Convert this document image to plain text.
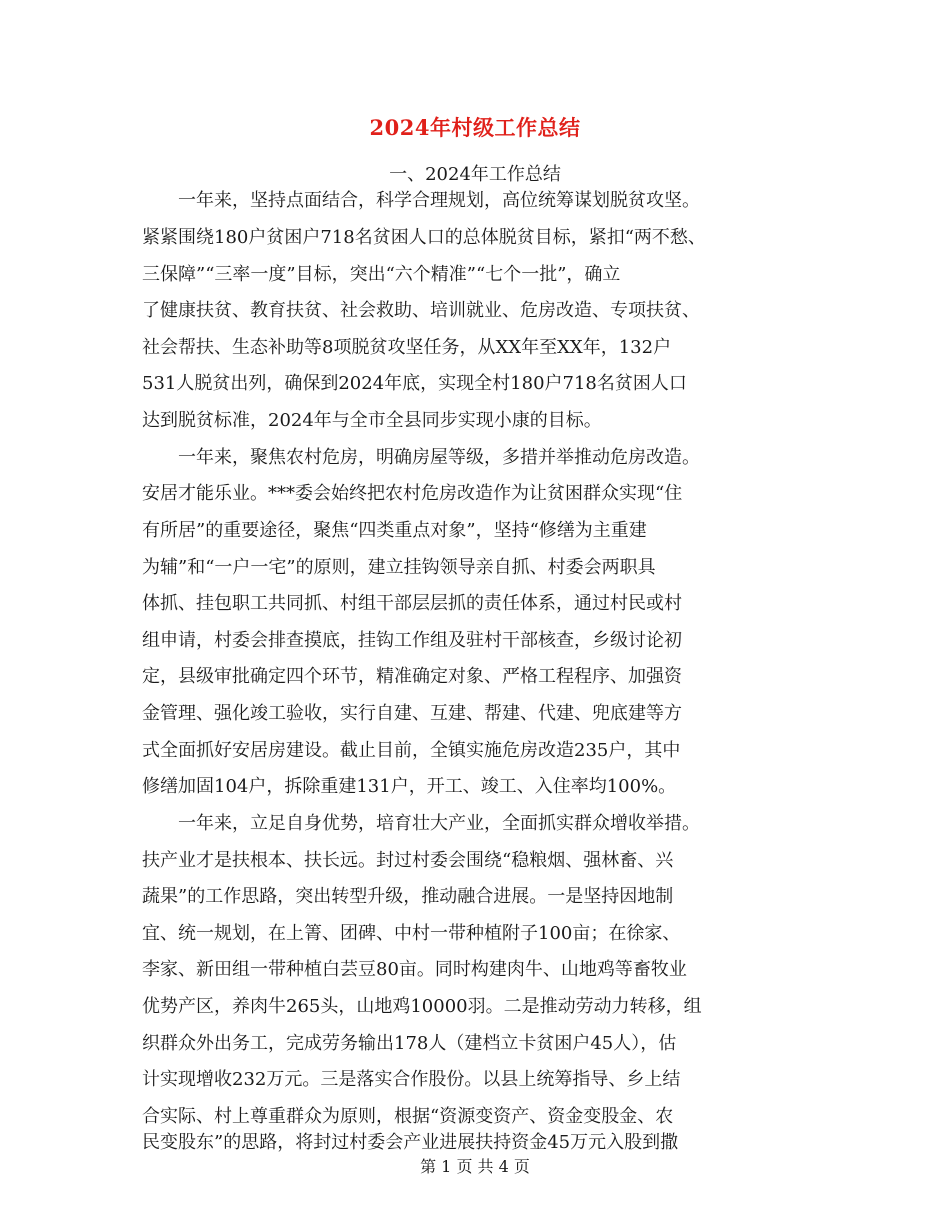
2024年村级工作总结
一、2024年工作总结
　　一年来，坚持点面结合，科学合理规划，高位统筹谋划脱贫攻坚。
紧紧围绕180户贫困户718名贫困人口的总体脱贫目标，紧扣“两不愁、
三保障”“三率一度”目标，突出“六个精准”“七个一批”，确立
了健康扶贫、教育扶贫、社会救助、培训就业、危房改造、专项扶贫、
社会帮扶、生态补助等8项脱贫攻坚任务，从XX年至XX年，132户
531人脱贫出列，确保到2024年底，实现全村180户718名贫困人口
达到脱贫标准，2024年与全市全县同步实现小康的目标。
　　一年来，聚焦农村危房，明确房屋等级，多措并举推动危房改造。
安居才能乐业。***委会始终把农村危房改造作为让贫困群众实现“住
有所居”的重要途径，聚焦“四类重点对象”，坚持“修缮为主重建
为辅”和“一户一宅”的原则，建立挂钩领导亲自抓、村委会两职具
体抓、挂包职工共同抓、村组干部层层抓的责任体系，通过村民或村
组申请，村委会排查摸底，挂钩工作组及驻村干部核查，乡级讨论初
定，县级审批确定四个环节，精准确定对象、严格工程程序、加强资
金管理、强化竣工验收，实行自建、互建、帮建、代建、兜底建等方
式全面抓好安居房建设。截止目前，全镇实施危房改造235户，其中
修缮加固104户，拆除重建131户，开工、竣工、入住率均100%。
　　一年来，立足自身优势，培育壮大产业，全面抓实群众增收举措。
扶产业才是扶根本、扶长远。封过村委会围绕“稳粮烟、强林畜、兴
蔬果”的工作思路，突出转型升级，推动融合进展。一是坚持因地制
宜、统一规划，在上箐、团碑、中村一带种植附子100亩；在徐家、
李家、新田组一带种植白芸豆80亩。同时构建肉牛、山地鸡等畜牧业
优势产区，养肉牛265头，山地鸡10000羽。二是推动劳动力转移，组
织群众外出务工，完成劳务输出178人（建档立卡贫困户45人），估
计实现增收232万元。三是落实合作股份。以县上统筹指导、乡上结
合实际、村上尊重群众为原则，根据“资源变资产、资金变股金、农
民变股东”的思路，将封过村委会产业进展扶持资金45万元入股到撒
第 1 页 共 4 页
